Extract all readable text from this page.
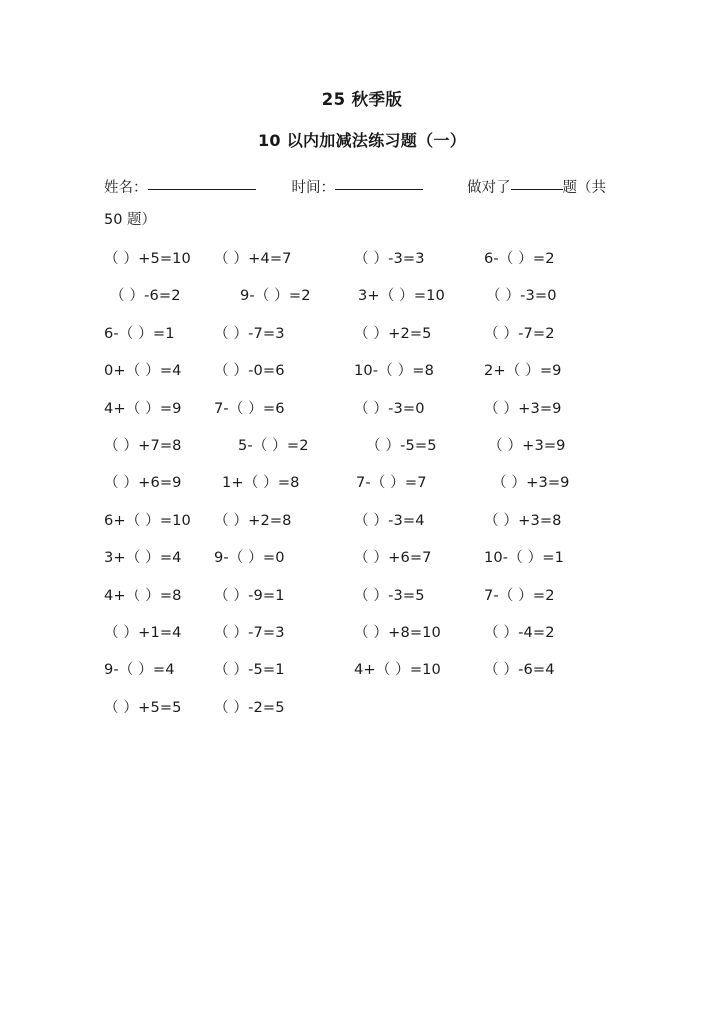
25 秋季版
10 以内加减法练习题（一）
姓名：	时间：	做对了	题（共
50 题）
（ ）+5=10 （ ）+4=7	（ ）-3=3	6-（ ）=2
（ ）-6=2	9-（ ）=2	3+（ ）=10	（ ）-3=0
6-（ ）=1	（ ）-7=3	（ ）+2=5	（ ）-7=2
0+（ ）=4 （ ）-0=6	10-（ ）=8	2+（ ）=9
4+（ ）=9 7-（ ）=6	（ ）-3=0	（ ）+3=9
（ ）+7=8	5-（ ）=2	（ ）-5=5	（ ）+3=9
（ ）+6=9	1+（ ）=8	7-（ ）=7	（ ）+3=9
6+（ ）=10 （ ）+2=8	（ ）-3=4	（ ）+3=8
3+（ ）=4 9-（ ）=0	（ ）+6=7	10-（ ）=1
4+（ ）=8 （ ）-9=1	（ ）-3=5	7-（ ）=2
（ ）+1=4 （ ）-7=3	（ ）+8=10	（ ）-4=2
9-（ ）=4	（ ）-5=1	4+（ ）=10	（ ）-6=4
（ ）+5=5 （ ）-2=5
拾光云库资源站
